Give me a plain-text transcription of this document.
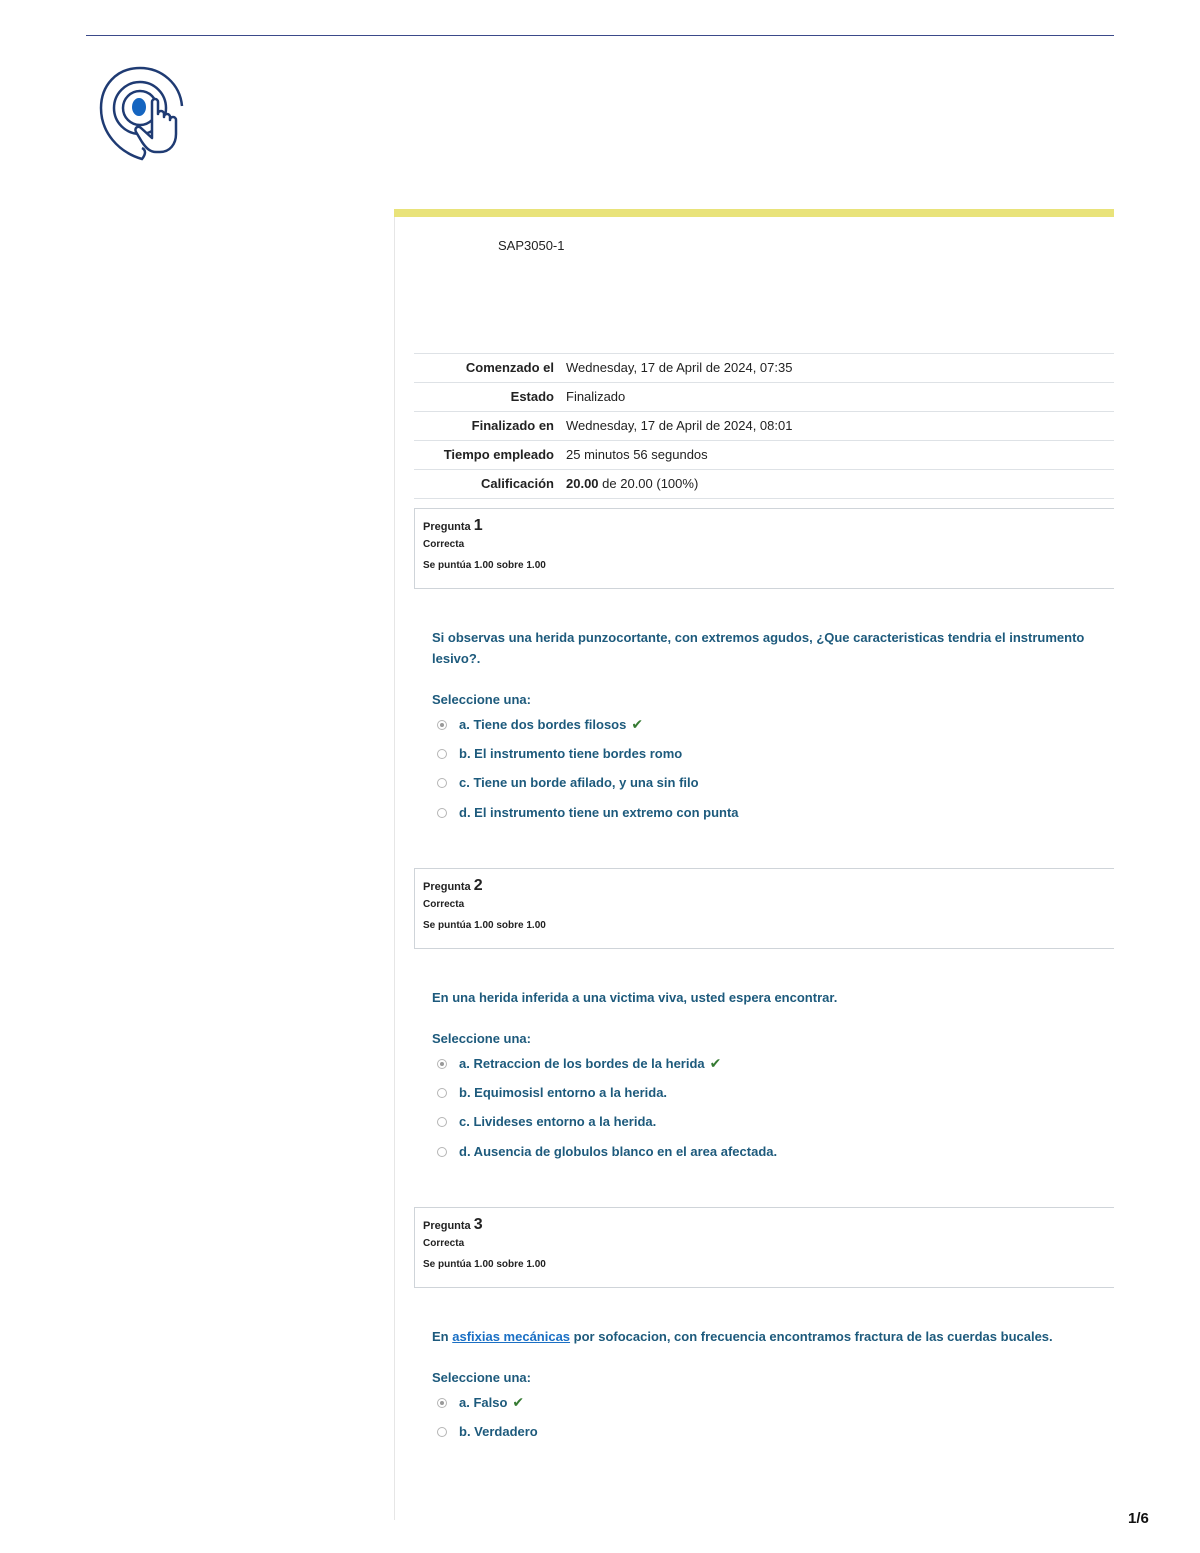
SAP3050-1
Comenzado el	Wednesday, 17 de April de 2024, 07:35
Estado	Finalizado
Finalizado en	Wednesday, 17 de April de 2024, 08:01
Tiempo empleado	25 minutos 56 segundos
Calificación	20.00 de 20.00 (100%)
Pregunta 1
Correcta
Se puntúa 1.00 sobre 1.00
Si observas una herida punzocortante, con extremos agudos, ¿Que caracteristicas tendria el instrumento lesivo?.
Seleccione una:
a. Tiene dos bordes filosos ✔
b. El instrumento tiene bordes romo
c. Tiene un borde afilado, y una sin filo
d. El instrumento tiene un extremo con punta
Pregunta 2
Correcta
Se puntúa 1.00 sobre 1.00
En una herida inferida a una victima viva, usted espera encontrar.
Seleccione una:
a. Retraccion de los bordes de la herida ✔
b. Equimosisl entorno a la herida.
c. Livideses entorno a la herida.
d. Ausencia de globulos blanco en el area afectada.
Pregunta 3
Correcta
Se puntúa 1.00 sobre 1.00
En asfixias mecánicas por sofocacion, con frecuencia encontramos fractura de las cuerdas bucales.
Seleccione una:
a. Falso ✔
b. Verdadero
1/6
